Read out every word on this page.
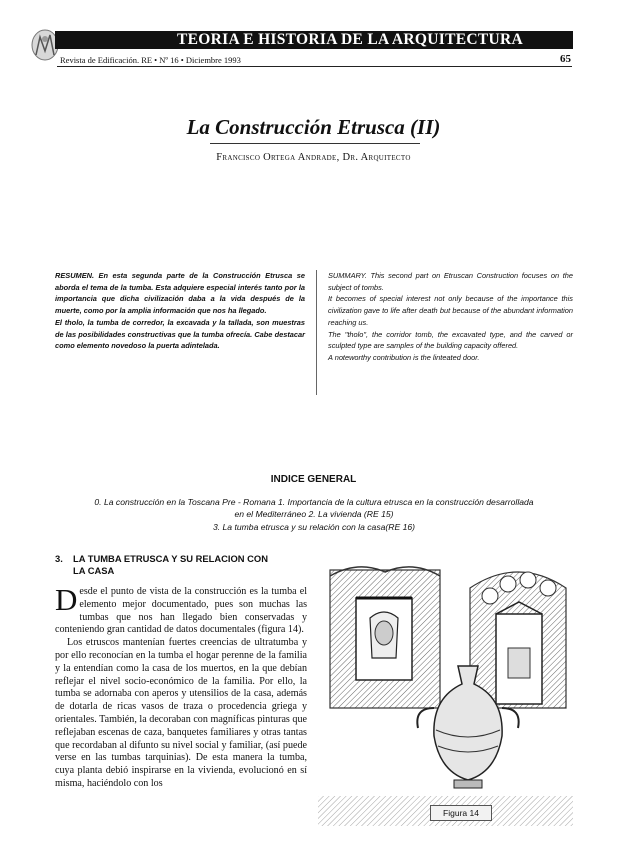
TEORIA E HISTORIA DE LA ARQUITECTURA
Revista de Edificación. RE • Nº 16 • Diciembre 1993	65
La Construcción Etrusca (II)
Francisco Ortega Andrade, Dr. Arquitecto

RESUMEN. En esta segunda parte de la Construcción Etrusca se aborda el tema de la tumba. Esta adquiere especial interés tanto por la importancia que dicha civilización daba a la vida después de la muerte, como por la amplia información que nos ha llegado.

El tholo, la tumba de corredor, la excavada y la tallada, son muestras de las posibilidades constructivas que la tumba ofrecía. Cabe destacar como elemento novedoso la puerta adintelada.

SUMMARY. This second part on Etruscan Construction focuses on the subject of tombs.

It becomes of special interest not only because of the importance this civilization gave to life after death but because of the abundant information reaching us.

The "tholo", the corridor tomb, the excavated type, and the carved or sculpted type are samples of the building capacity offered.

A noteworthy contribution is the linteated door.

INDICE GENERAL
0. La construcción en la Toscana Pre - Romana 1. Importancia de la cultura etrusca en la construcción desarrollada
en el Mediterráneo 2. La vivienda (RE 15)
3. La tumba etrusca y su relación con la casa(RE 16)
3. LA TUMBA ETRUSCA Y SU RELACION CON
LA CASA

Desde el punto de vista de la construcción es la tumba el elemento mejor documentado, pues son muchas las tumbas que nos han llegado bien conservadas y conteniendo gran cantidad de datos documentales (figura 14).

Los etruscos mantenían fuertes creencias de ultratumba y por ello reconocían en la tumba el hogar perenne de la familia y la entendían como la casa de los muertos, en la que debían reflejar el nivel socio-económico de la familia. Por ello, la tumba se adornaba con aperos y utensilios de la casa, además de dotarla de ricas vasos de traza o procedencia griega y orientales. También, la decoraban con magníficas pinturas que reflejaban escenas de caza, banquetes familiares y otras tantas que recordaban al difunto su nivel social y familiar, (así puede verse en las tumbas tarquinias). De esta manera la tumba, cuya planta debió inspirarse en la vivienda, evolucionó en sí misma, haciéndolo con los

Figura 14
